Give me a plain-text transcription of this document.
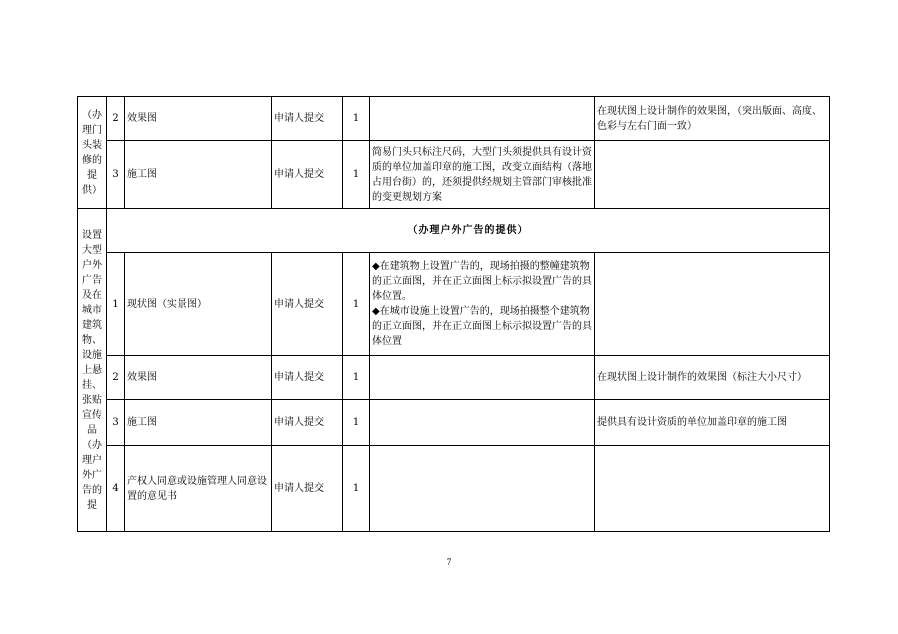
（办理门头装修的提供）	2	效果图	申请人提交	1		在现状图上设计制作的效果图，（突出版面、高度、色彩与左右门面一致）
	3	施工图	申请人提交	1	简易门头只标注尺码，大型门头须提供具有设计资质的单位加盖印章的施工图，改变立面结构（落地占用台街）的，还须提供经规划主管部门审核批准的变更规划方案	
设置大型户外广告及在城市建筑物、设施上悬挂、张贴宣传品（办理户外广告的提	（办理户外广告的提供）					
	1	现状图（实景图）	申请人提交	1	◆在建筑物上设置广告的，现场拍摄的整幢建筑物的正立面图，并在正立面图上标示拟设置广告的具体位置。

◆在城市设施上设置广告的，现场拍摄整个建筑物的正立面图，并在正立面图上标示拟设置广告的具体位置	

	2	效果图	申请人提交	1		在现状图上设计制作的效果图（标注大小尺寸）
	3	施工图	申请人提交	1		提供具有设计资质的单位加盖印章的施工图
	4	产权人同意或设施管理人同意设置的意见书	申请人提交	1		
7
